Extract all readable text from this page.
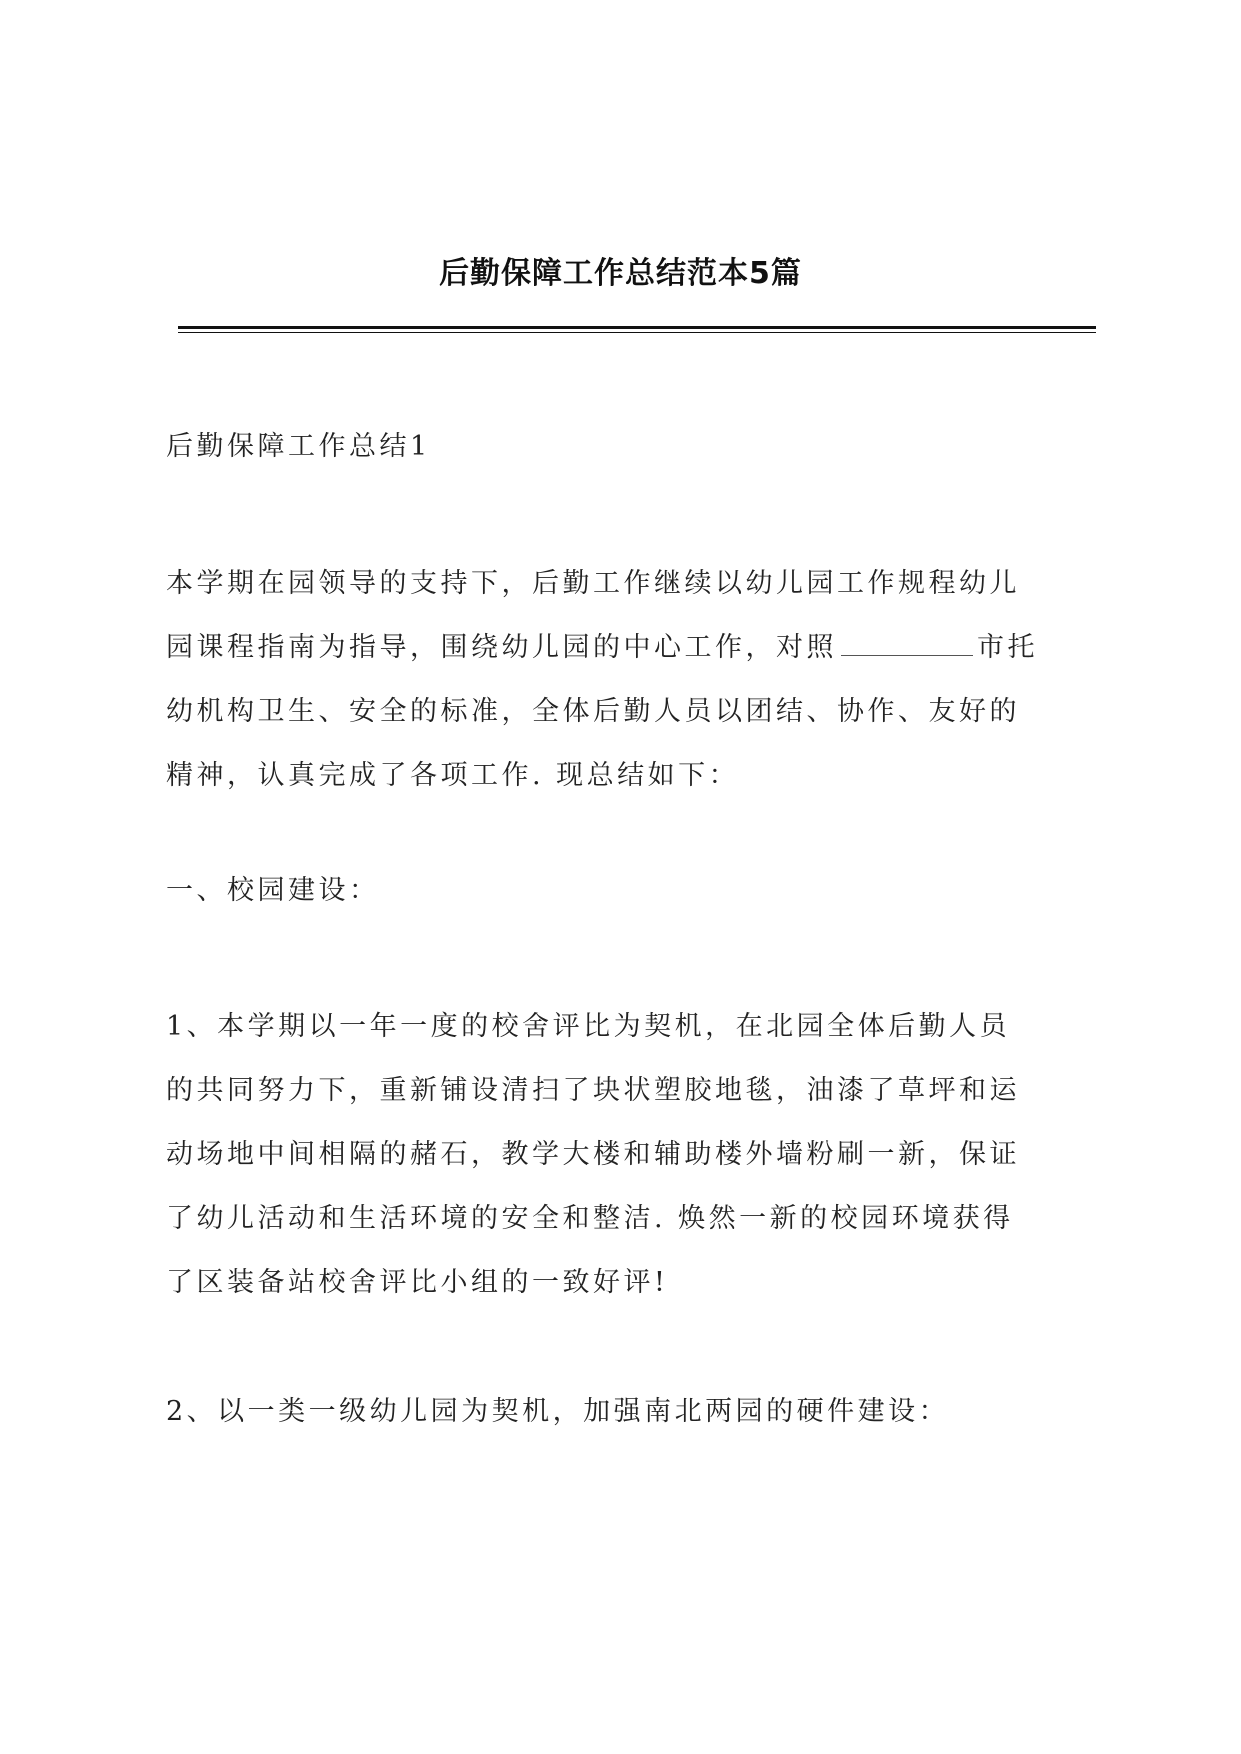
后勤保障工作总结范本5篇
后勤保障工作总结1
本学期在园领导的支持下，后勤工作继续以幼儿园工作规程幼儿
园课程指南为指导，围绕幼儿园的中心工作，对照	市托
幼机构卫生、安全的标准，全体后勤人员以团结、协作、友好的
精神，认真完成了各项工作. 现总结如下：
一、校园建设：
1、本学期以一年一度的校舍评比为契机，在北园全体后勤人员
的共同努力下，重新铺设清扫了块状塑胶地毯，油漆了草坪和运
动场地中间相隔的赭石，教学大楼和辅助楼外墙粉刷一新，保证
了幼儿活动和生活环境的安全和整洁. 焕然一新的校园环境获得
了区装备站校舍评比小组的一致好评!
2、以一类一级幼儿园为契机，加强南北两园的硬件建设：
